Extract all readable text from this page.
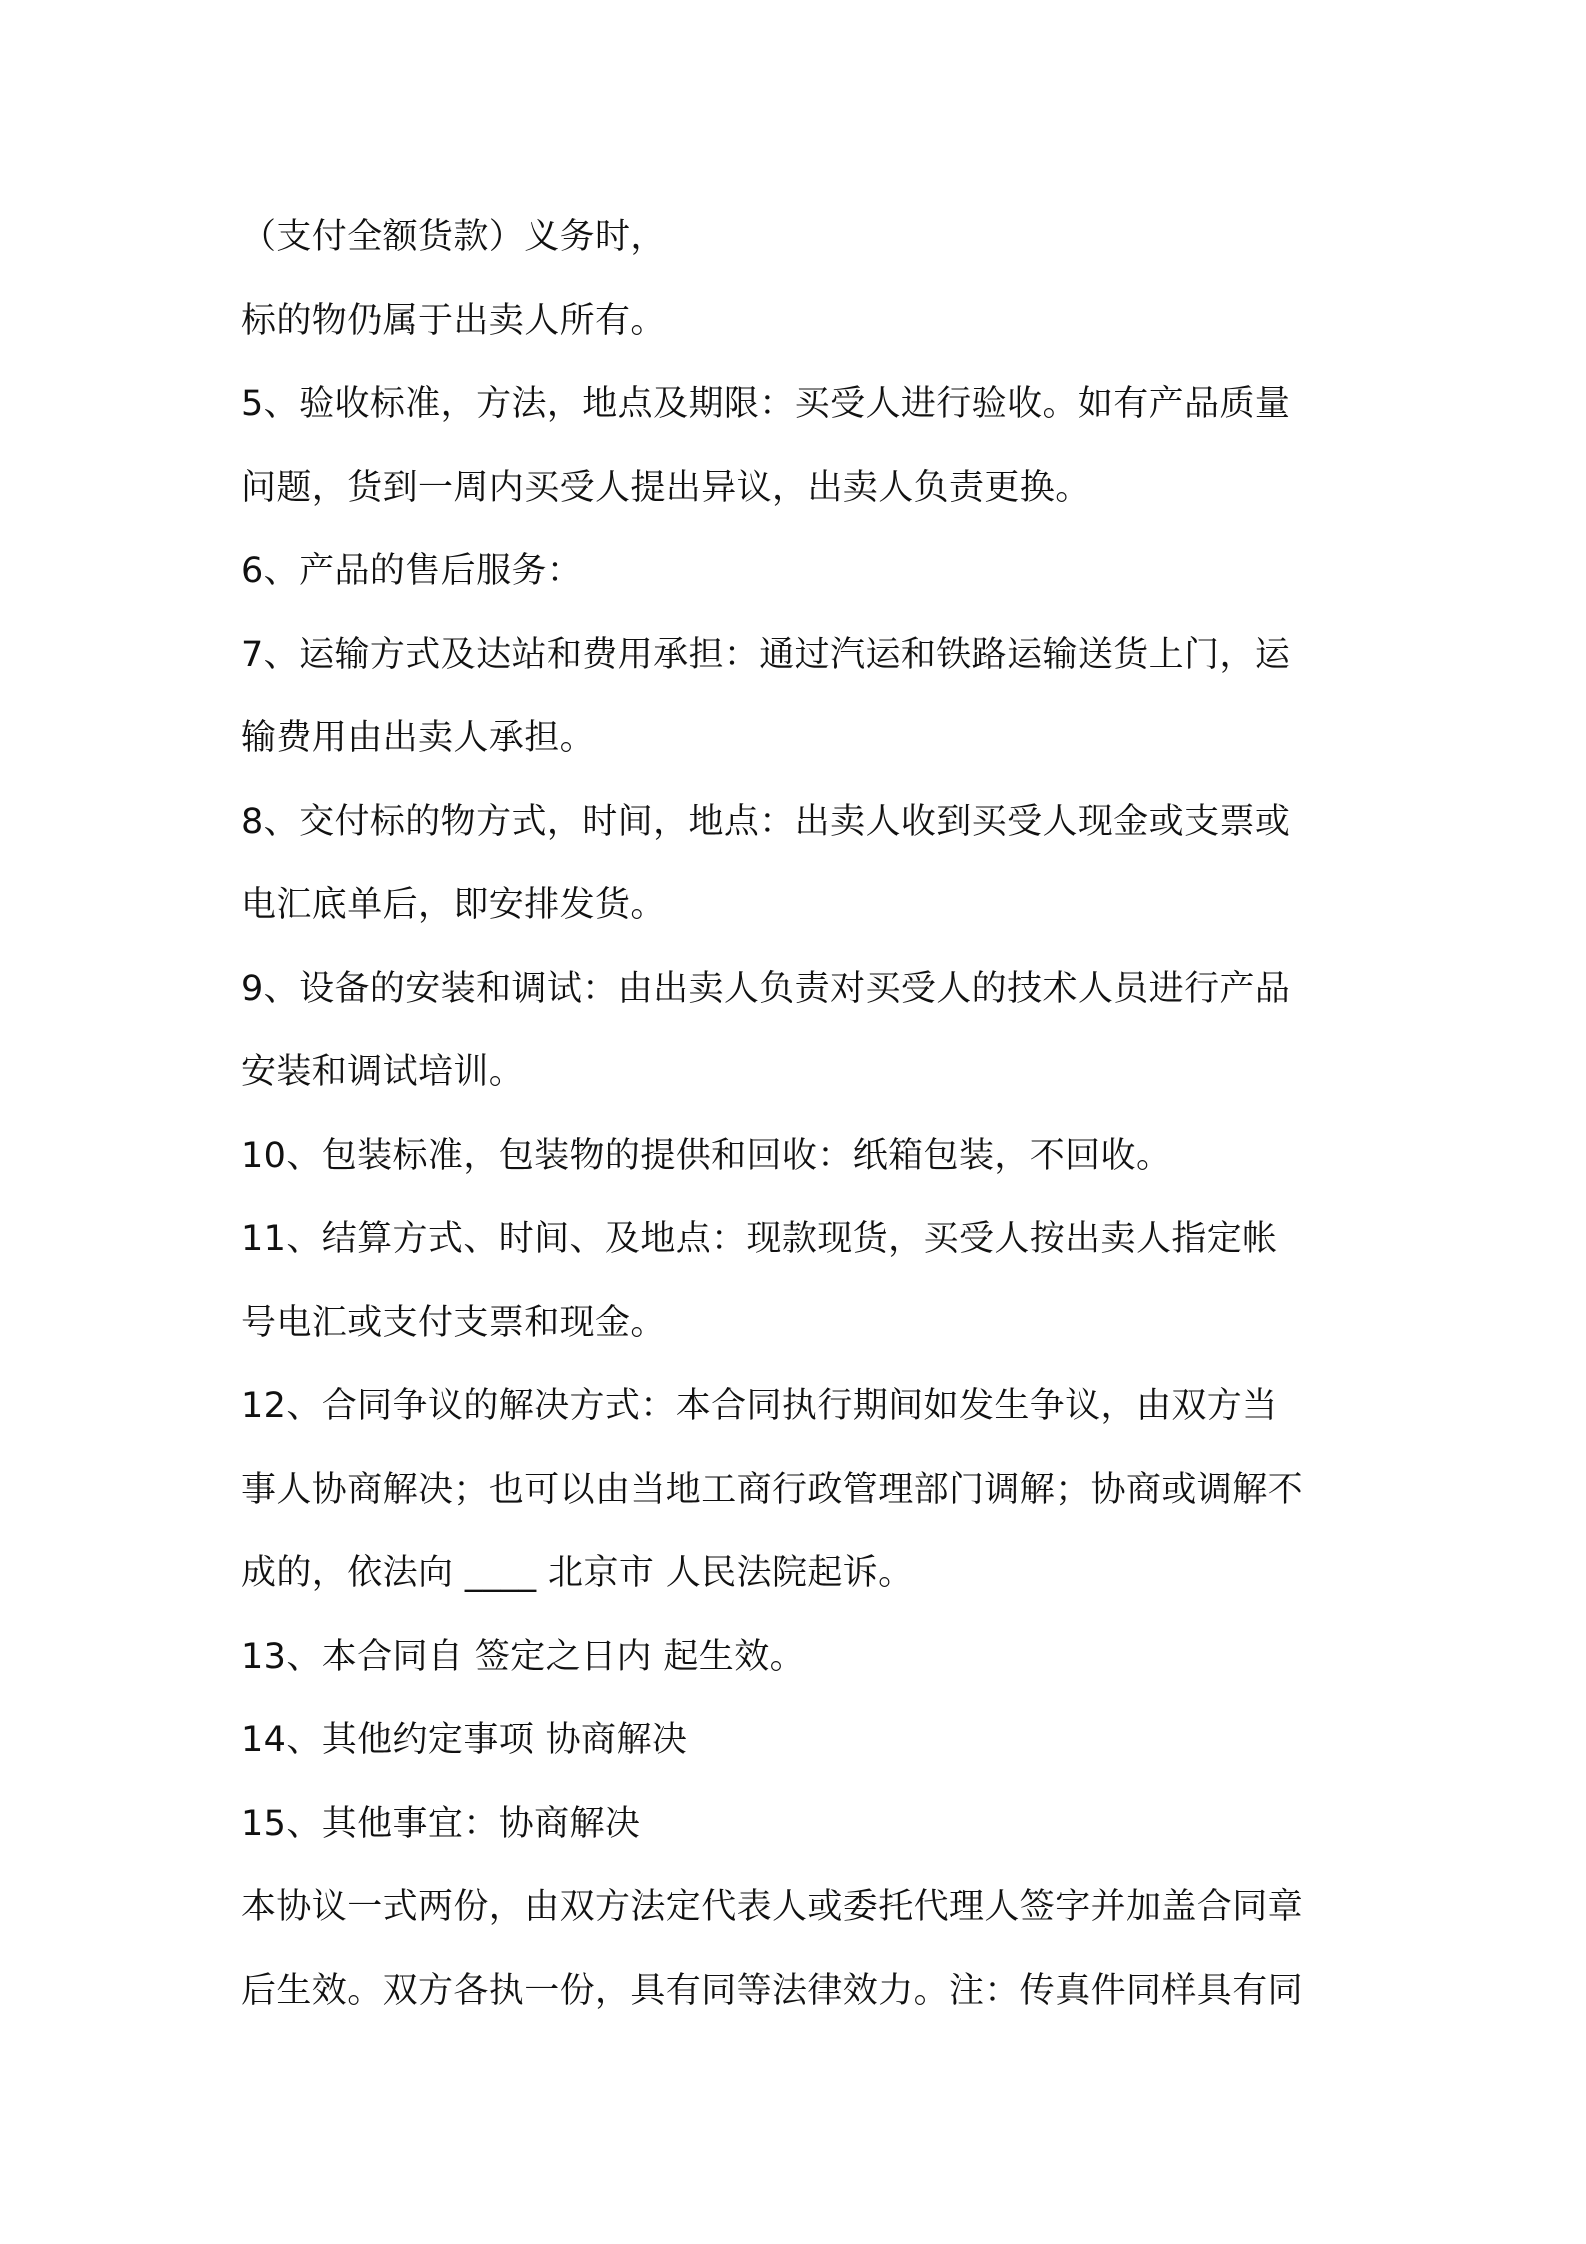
（支付全额货款）义务时，
标的物仍属于出卖人所有。
5、验收标准，方法，地点及期限：买受人进行验收。如有产品质量
问题，货到一周内买受人提出异议，出卖人负责更换。
6、产品的售后服务：
7、运输方式及达站和费用承担：通过汽运和铁路运输送货上门，运
输费用由出卖人承担。
8、交付标的物方式，时间，地点：出卖人收到买受人现金或支票或
电汇底单后，即安排发货。
9、设备的安装和调试：由出卖人负责对买受人的技术人员进行产品
安装和调试培训。
10、包装标准，包装物的提供和回收：纸箱包装，不回收。
11、结算方式、时间、及地点：现款现货，买受人按出卖人指定帐
号电汇或支付支票和现金。
12、合同争议的解决方式：本合同执行期间如发生争议，由双方当
事人协商解决；也可以由当地工商行政管理部门调解；协商或调解不
成的，依法向 ____ 北京市 人民法院起诉。
13、本合同自 签定之日内 起生效。
14、其他约定事项 协商解决
15、其他事宜：协商解决
本协议一式两份，由双方法定代表人或委托代理人签字并加盖合同章
后生效。双方各执一份，具有同等法律效力。注：传真件同样具有同
